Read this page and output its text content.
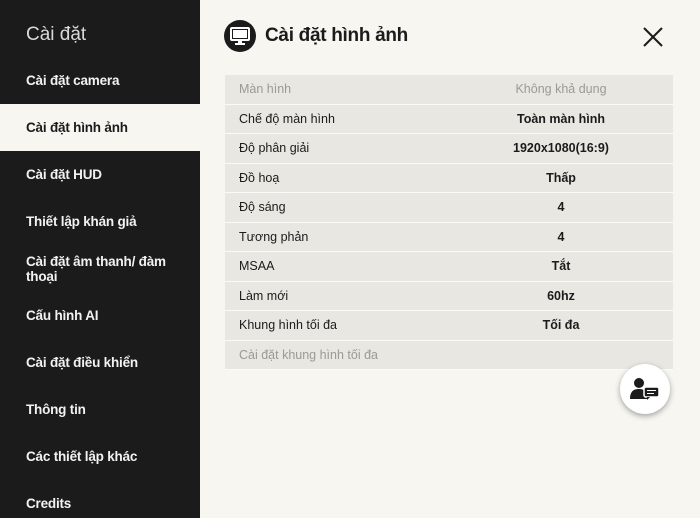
Cài đặt
Cài đặt camera
Cài đặt hình ảnh
Cài đặt HUD
Thiết lập khán giả
Cài đặt âm thanh/ đàm thoại
Cấu hình AI
Cài đặt điều khiển
Thông tin
Các thiết lập khác
Credits
Cài đặt hình ảnh
Màn hình	Không khả dụng
Chế độ màn hình	Toàn màn hình
Độ phân giải	1920x1080(16:9)
Đồ hoạ	Thấp
Độ sáng	4
Tương phản	4
MSAA	Tắt
Làm mới	60hz
Khung hình tối đa	Tối đa
Cài đặt khung hình tối đa
